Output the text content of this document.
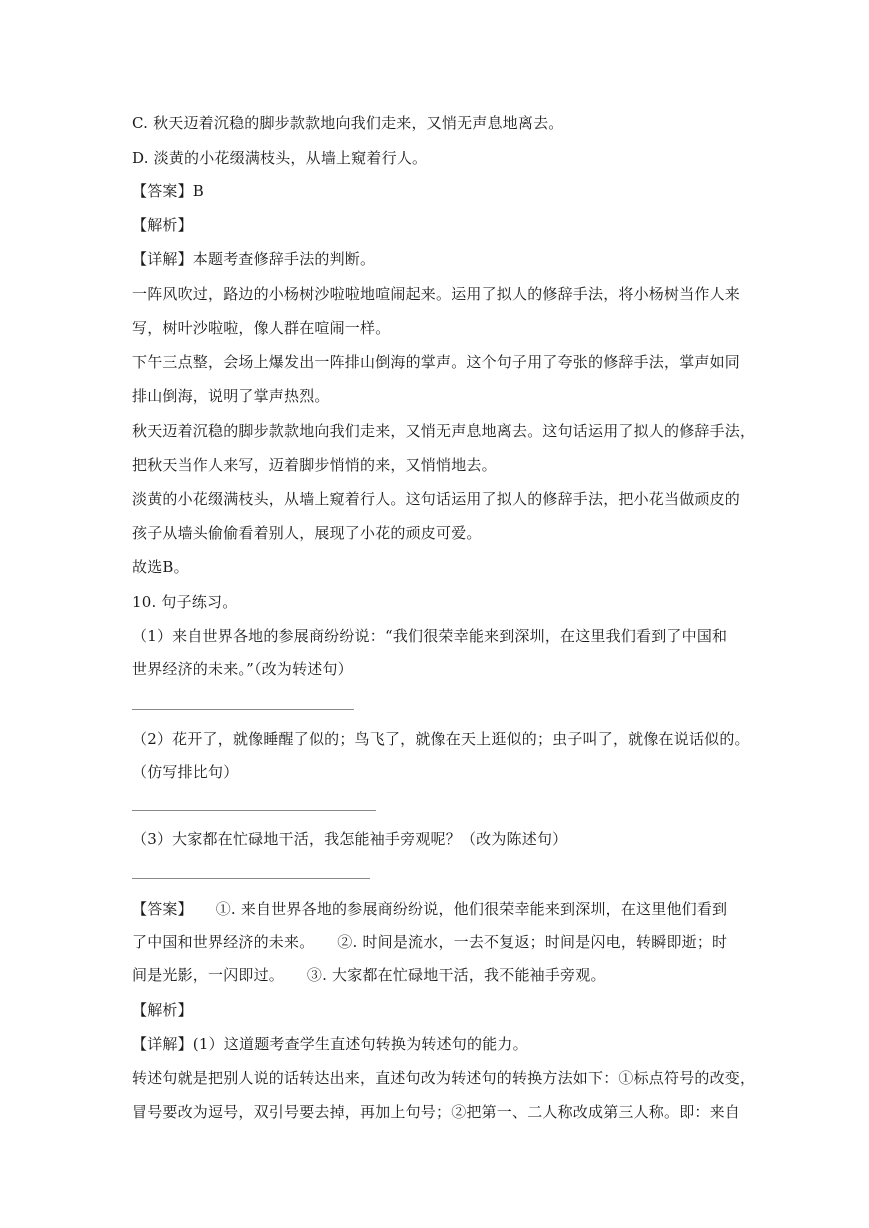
C. 秋天迈着沉稳的脚步款款地向我们走来，又悄无声息地离去。
D. 淡黄的小花缀满枝头，从墙上窥着行人。
【答案】B
【解析】
【详解】本题考查修辞手法的判断。
一阵风吹过，路边的小杨树沙啦啦地喧闹起来。运用了拟人的修辞手法，将小杨树当作人来
写，树叶沙啦啦，像人群在喧闹一样。
下午三点整，会场上爆发出一阵排山倒海的掌声。这个句子用了夸张的修辞手法，掌声如同
排山倒海，说明了掌声热烈。
秋天迈着沉稳的脚步款款地向我们走来，又悄无声息地离去。这句话运用了拟人的修辞手法，
把秋天当作人来写，迈着脚步悄悄的来，又悄悄地去。
淡黄的小花缀满枝头，从墙上窥着行人。这句话运用了拟人的修辞手法，把小花当做顽皮的
孩子从墙头偷偷看着别人，展现了小花的顽皮可爱。
故选B。
10. 句子练习。
（1）来自世界各地的参展商纷纷说：“我们很荣幸能来到深圳，在这里我们看到了中国和
世界经济的未来。”（改为转述句）
（2）花开了，就像睡醒了似的；鸟飞了，就像在天上逛似的；虫子叫了，就像在说话似的。
（仿写排比句）
（3）大家都在忙碌地干活，我怎能袖手旁观呢？（改为陈述句）
【答案】　　①. 来自世界各地的参展商纷纷说，他们很荣幸能来到深圳，在这里他们看到
了中国和世界经济的未来。　　②. 时间是流水，一去不复返；时间是闪电，转瞬即逝；时
间是光影，一闪即过。　　③. 大家都在忙碌地干活，我不能袖手旁观。
【解析】
【详解】(1）这道题考查学生直述句转换为转述句的能力。
转述句就是把别人说的话转达出来，直述句改为转述句的转换方法如下：①标点符号的改变，
冒号要改为逗号，双引号要去掉，再加上句号；②把第一、二人称改成第三人称。即：来自
